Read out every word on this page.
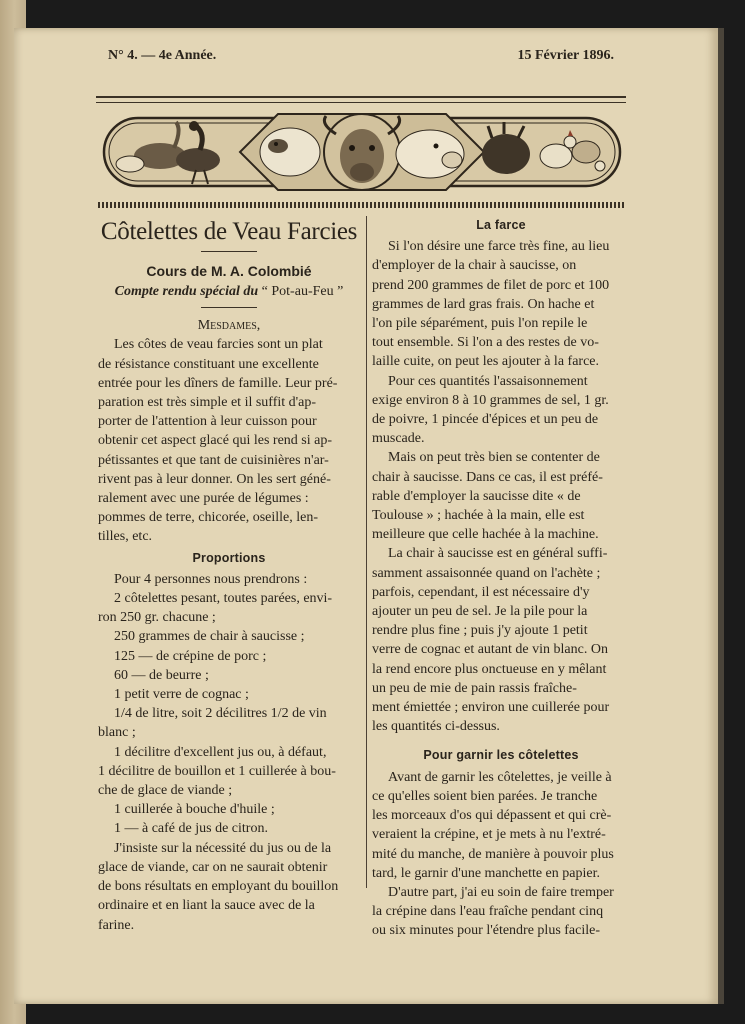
N° 4. — 4e Année.	15 Février 1896.
Côtelettes de Veau Farcies
Cours de M. A. Colombié
Compte rendu spécial du “ Pot-au-Feu ”
Mesdames,

Les côtes de veau farcies sont un plat

de résistance constituant une excellente

entrée pour les dîners de famille. Leur pré-

paration est très simple et il suffit d'ap-

porter de l'attention à leur cuisson pour

obtenir cet aspect glacé qui les rend si ap-

pétissantes et que tant de cuisinières n'ar-

rivent pas à leur donner. On les sert géné-

ralement avec une purée de légumes :

pommes de terre, chicorée, oseille, len-

tilles, etc.

Proportions

Pour 4 personnes nous prendrons :

2 côtelettes pesant, toutes parées, envi-

ron 250 gr. chacune ;

250 grammes de chair à saucisse ;

125 — de crépine de porc ;

60 — de beurre ;

1 petit verre de cognac ;

1/4 de litre, soit 2 décilitres 1/2 de vin

blanc ;

1 décilitre d'excellent jus ou, à défaut,

1 décilitre de bouillon et 1 cuillerée à bou-

che de glace de viande ;

1 cuillerée à bouche d'huile ;

1 — à café de jus de citron.

J'insiste sur la nécessité du jus ou de la

glace de viande, car on ne saurait obtenir

de bons résultats en employant du bouillon

ordinaire et en liant la sauce avec de la

farine.

La farce

Si l'on désire une farce très fine, au lieu

d'employer de la chair à saucisse, on

prend 200 grammes de filet de porc et 100

grammes de lard gras frais. On hache et

l'on pile séparément, puis l'on repile le

tout ensemble. Si l'on a des restes de vo-

laille cuite, on peut les ajouter à la farce.

Pour ces quantités l'assaisonnement

exige environ 8 à 10 grammes de sel, 1 gr.

de poivre, 1 pincée d'épices et un peu de

muscade.

Mais on peut très bien se contenter de

chair à saucisse. Dans ce cas, il est préfé-

rable d'employer la saucisse dite « de

Toulouse » ; hachée à la main, elle est

meilleure que celle hachée à la machine.

La chair à saucisse est en général suffi-

samment assaisonnée quand on l'achète ;

parfois, cependant, il est nécessaire d'y

ajouter un peu de sel. Je la pile pour la

rendre plus fine ; puis j'y ajoute 1 petit

verre de cognac et autant de vin blanc. On

la rend encore plus onctueuse en y mêlant

un peu de mie de pain rassis fraîche-

ment émiettée ; environ une cuillerée pour

les quantités ci-dessus.

Pour garnir les côtelettes

Avant de garnir les côtelettes, je veille à

ce qu'elles soient bien parées. Je tranche

les morceaux d'os qui dépassent et qui crè-

veraient la crépine, et je mets à nu l'extré-

mité du manche, de manière à pouvoir plus

tard, le garnir d'une manchette en papier.

D'autre part, j'ai eu soin de faire tremper

la crépine dans l'eau fraîche pendant cinq

ou six minutes pour l'étendre plus facile-
